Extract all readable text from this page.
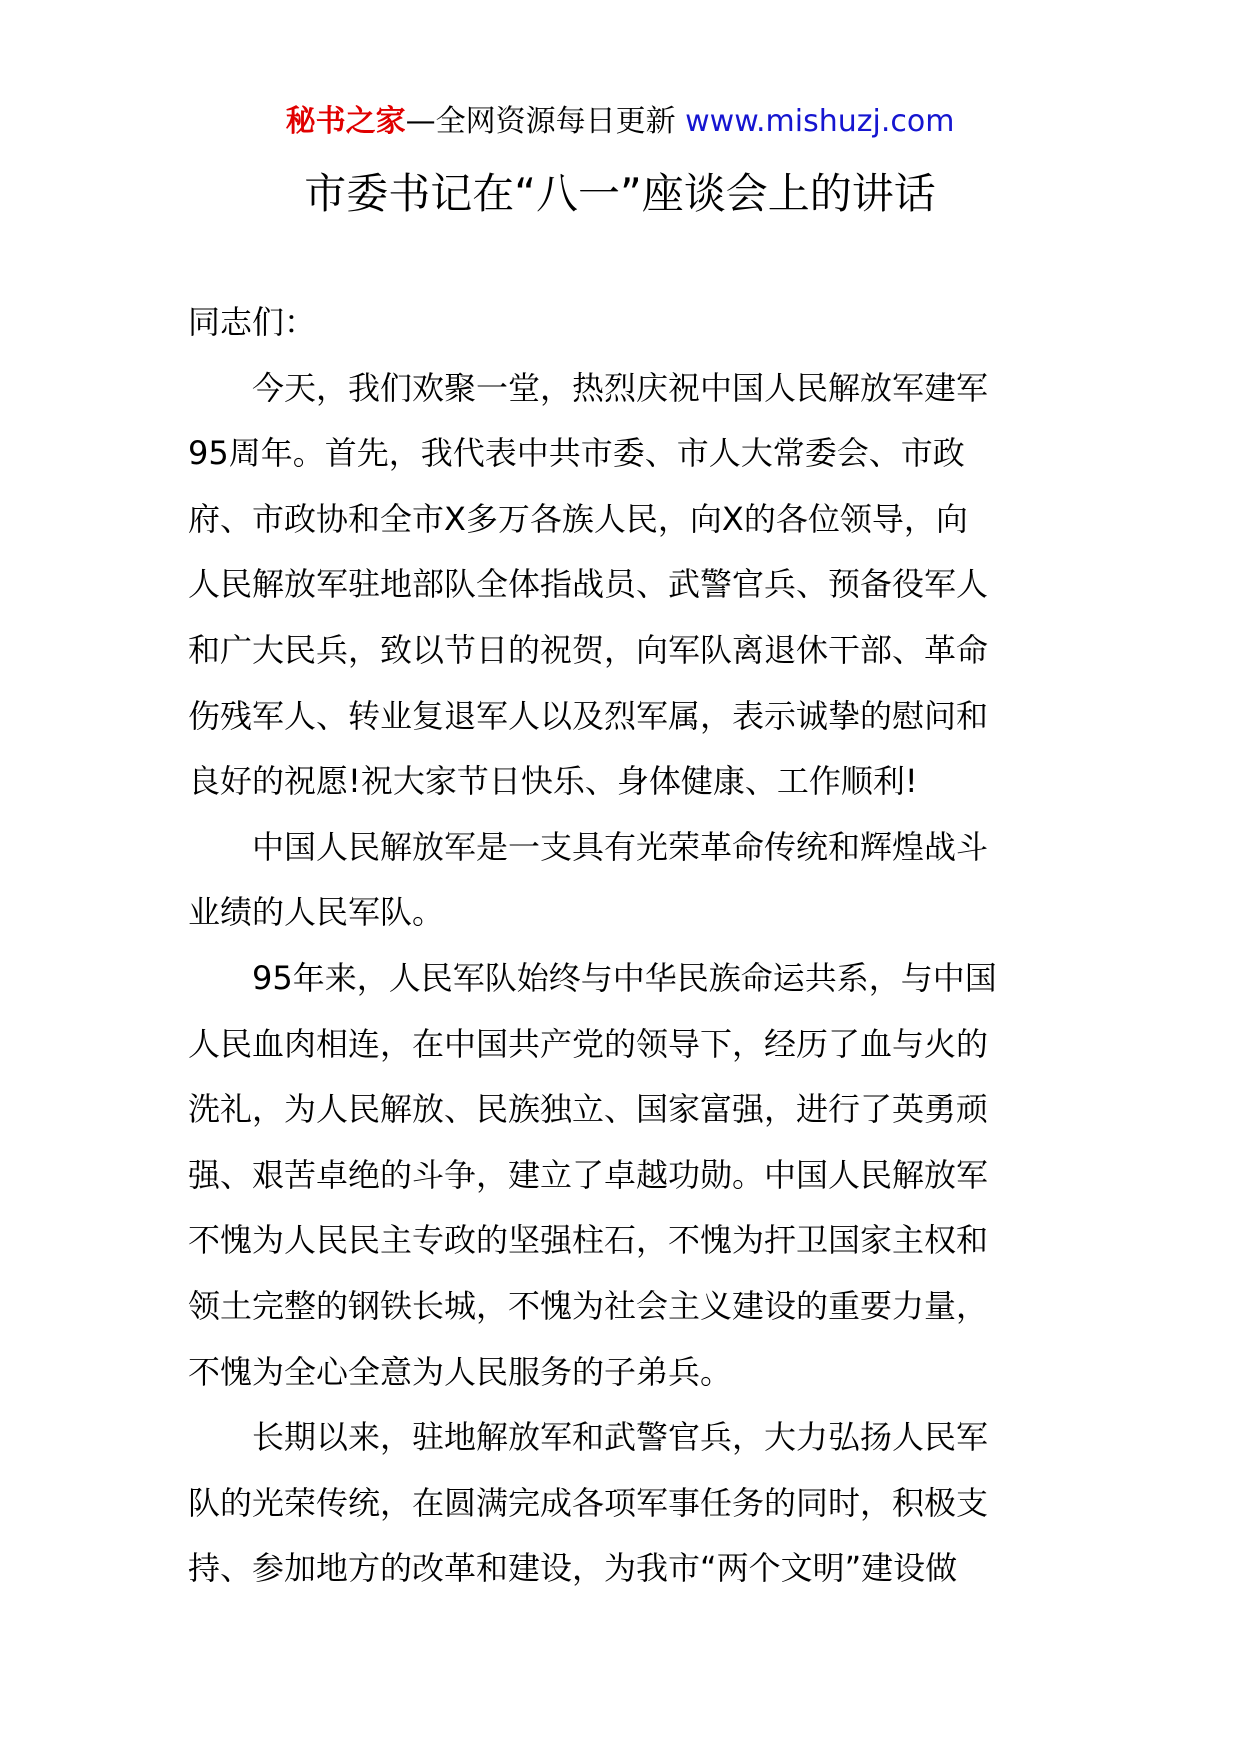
秘书之家—全网资源每日更新 www.mishuzj.com
市委书记在“八一”座谈会上的讲话
同志们：
今天，我们欢聚一堂，热烈庆祝中国人民解放军建军
95周年。首先，我代表中共市委、市人大常委会、市政
府、市政协和全市X多万各族人民，向X的各位领导，向
人民解放军驻地部队全体指战员、武警官兵、预备役军人
和广大民兵，致以节日的祝贺，向军队离退休干部、革命
伤残军人、转业复退军人以及烈军属，表示诚挚的慰问和
良好的祝愿!祝大家节日快乐、身体健康、工作顺利!
中国人民解放军是一支具有光荣革命传统和辉煌战斗
业绩的人民军队。
95年来，人民军队始终与中华民族命运共系，与中国
人民血肉相连，在中国共产党的领导下，经历了血与火的
洗礼，为人民解放、民族独立、国家富强，进行了英勇顽
强、艰苦卓绝的斗争，建立了卓越功勋。中国人民解放军
不愧为人民民主专政的坚强柱石，不愧为扞卫国家主权和
领土完整的钢铁长城，不愧为社会主义建设的重要力量，
不愧为全心全意为人民服务的子弟兵。
长期以来，驻地解放军和武警官兵，大力弘扬人民军
队的光荣传统，在圆满完成各项军事任务的同时，积极支
持、参加地方的改革和建设，为我市“两个文明”建设做
